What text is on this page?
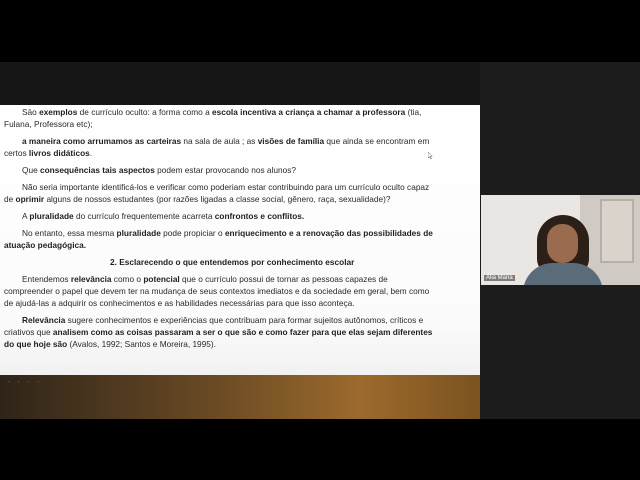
Sāo exemplos de currículo oculto: a forma como a escola incentiva a criança a chamar a professora (tia,
Fulana, Professora etc);
a maneira como arrumamos as carteiras na sala de aula ; as visões de família que ainda se encontram em
certos livros didáticos.
Que consequências tais aspectos podem estar provocando nos alunos?
Não seria importante identificá-los e verificar como poderiam estar contribuindo para um currículo oculto capaz
de oprimir alguns de nossos estudantes (por razões ligadas a classe social, gênero, raça, sexualidade)?
A pluralidade do currículo frequentemente acarreta confrontos e conflitos.
No entanto, essa mesma pluralidade pode propiciar o enriquecimento e a renovação das possibilidades de
atuação pedagógica.
2. Esclarecendo o que entendemos por conhecimento escolar
Entendemos relevância como o potencial que o currículo possui de tornar as pessoas capazes de
compreender o papel que devem ter na mudança de seus contextos imediatos e da sociedade em geral, bem como
de ajudá-las a adquirir os conhecimentos e as habilidades necessárias para que isso aconteça.
Relevância sugere conhecimentos e experiências que contribuam para formar sujeitos autônomos, críticos e
criativos que analisem como as coisas passaram a ser o que são e como fazer para que elas sejam diferentes
do que hoje são (Avalos, 1992; Santos e Moreira, 1995).
· · · ·
Ália Maria
